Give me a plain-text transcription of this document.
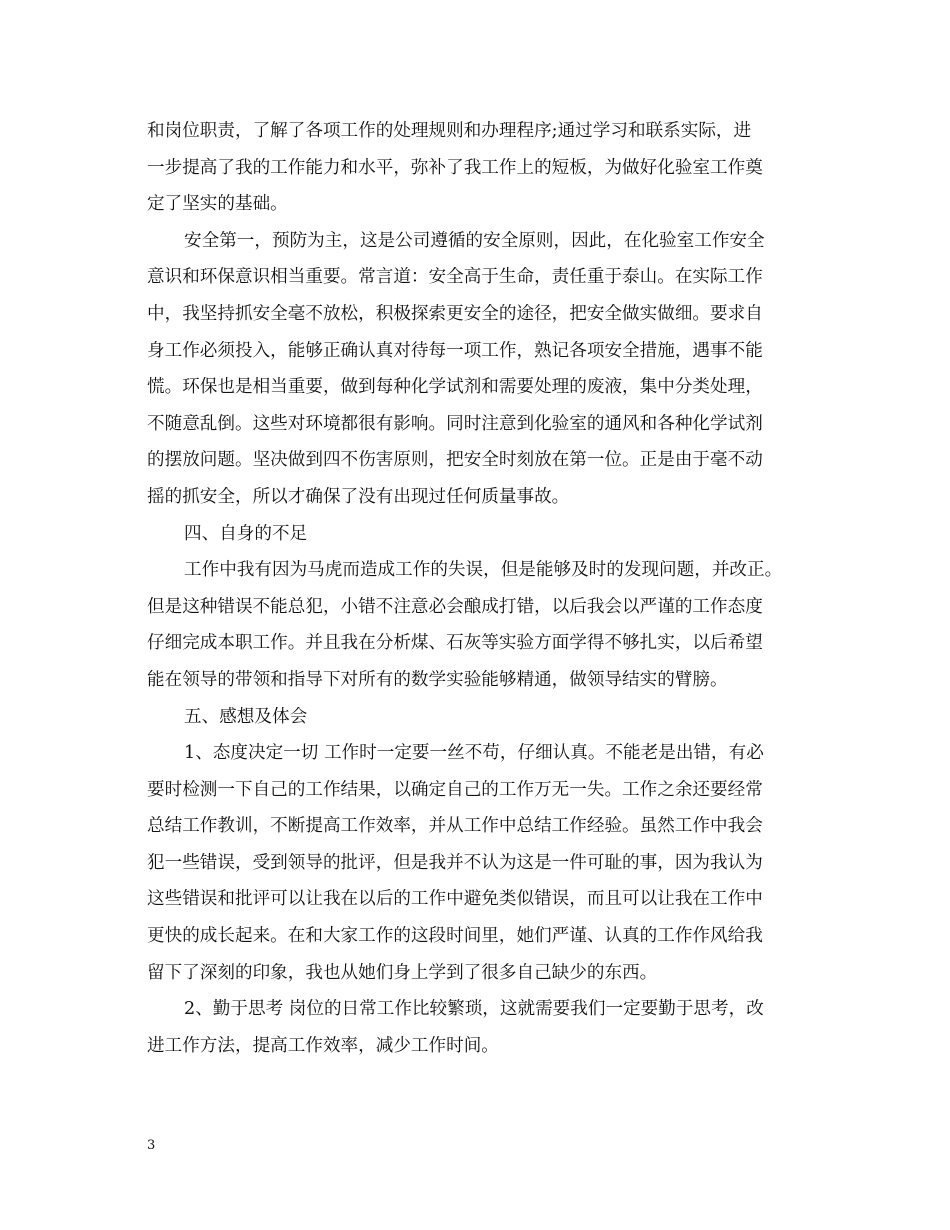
和岗位职责，了解了各项工作的处理规则和办理程序;通过学习和联系实际，进
一步提高了我的工作能力和水平，弥补了我工作上的短板，为做好化验室工作奠
定了坚实的基础。
安全第一，预防为主，这是公司遵循的安全原则，因此，在化验室工作安全
意识和环保意识相当重要。常言道：安全高于生命，责任重于泰山。在实际工作
中，我坚持抓安全毫不放松，积极探索更安全的途径，把安全做实做细。要求自
身工作必须投入，能够正确认真对待每一项工作，熟记各项安全措施，遇事不能
慌。环保也是相当重要，做到每种化学试剂和需要处理的废液，集中分类处理，
不随意乱倒。这些对环境都很有影响。同时注意到化验室的通风和各种化学试剂
的摆放问题。坚决做到四不伤害原则，把安全时刻放在第一位。正是由于毫不动
摇的抓安全，所以才确保了没有出现过任何质量事故。
四、自身的不足
工作中我有因为马虎而造成工作的失误，但是能够及时的发现问题，并改正。
但是这种错误不能总犯，小错不注意必会酿成打错，以后我会以严谨的工作态度
仔细完成本职工作。并且我在分析煤、石灰等实验方面学得不够扎实，以后希望
能在领导的带领和指导下对所有的数学实验能够精通，做领导结实的臂膀。
五、感想及体会
1、态度决定一切 工作时一定要一丝不苟，仔细认真。不能老是出错，有必
要时检测一下自己的工作结果，以确定自己的工作万无一失。工作之余还要经常
总结工作教训，不断提高工作效率，并从工作中总结工作经验。虽然工作中我会
犯一些错误，受到领导的批评，但是我并不认为这是一件可耻的事，因为我认为
这些错误和批评可以让我在以后的工作中避免类似错误，而且可以让我在工作中
更快的成长起来。在和大家工作的这段时间里，她们严谨、认真的工作作风给我
留下了深刻的印象，我也从她们身上学到了很多自己缺少的东西。
2、勤于思考 岗位的日常工作比较繁琐，这就需要我们一定要勤于思考，改
进工作方法，提高工作效率，减少工作时间。
3
